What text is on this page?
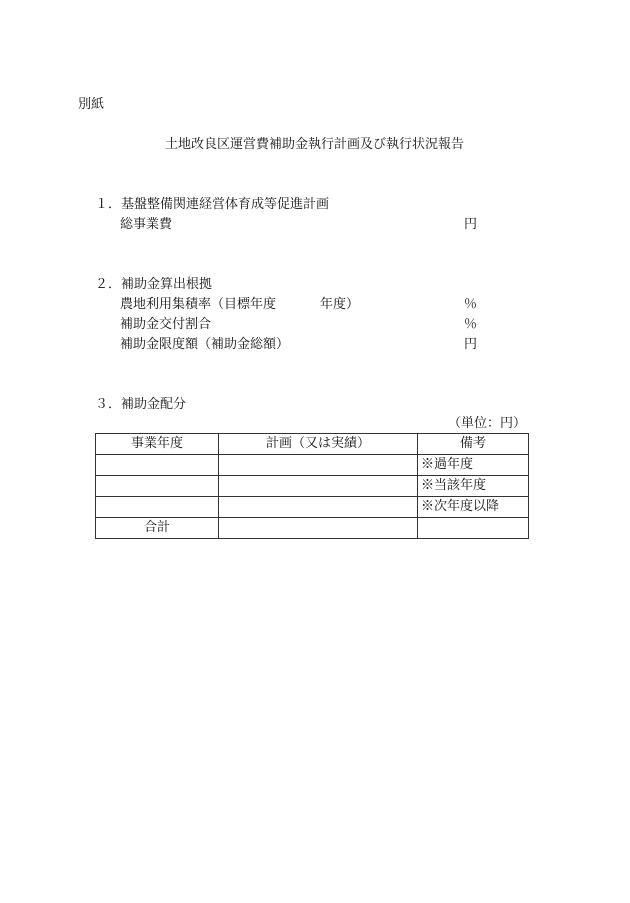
別紙
土地改良区運営費補助金執行計画及び執行状況報告
１．基盤整備関連経営体育成等促進計画
総事業費	円
２．補助金算出根拠
農地利用集積率（目標年度	年度）	％
補助金交付割合	％
補助金限度額（補助金総額）	円
３．補助金配分
（単位：円）
事業年度	計画（又は実績）	備考
		※過年度
		※当該年度
		※次年度以降
合計		
